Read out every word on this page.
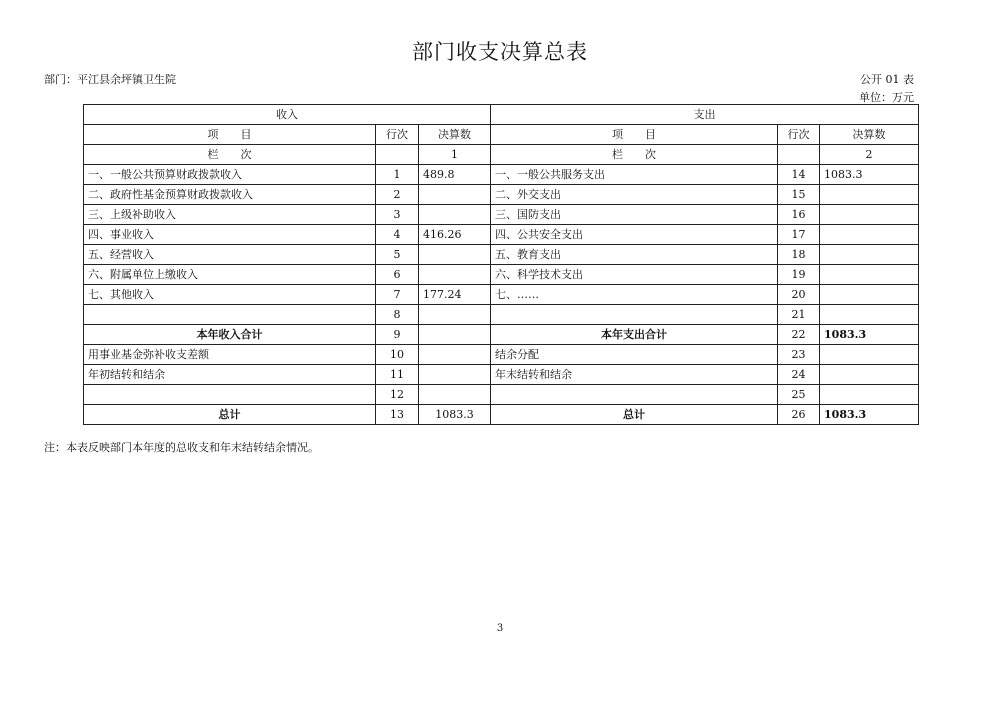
部门收支决算总表
部门：平江县余坪镇卫生院	公开 01 表
单位：万元
收入			支出		
项　　目	行次	决算数	项　　目	行次	决算数
栏　　次		1	栏　　次		2
一、一般公共预算财政拨款收入	1	489.8	一、一般公共服务支出	14	1083.3
二、政府性基金预算财政拨款收入	2		二、外交支出	15	
三、上级补助收入	3		三、国防支出	16	
四、事业收入	4	416.26	四、公共安全支出	17	
五、经营收入	5		五、教育支出	18	
六、附属单位上缴收入	6		六、科学技术支出	19	
七、其他收入	7	177.24	七、……	20	
	8			21	
本年收入合计	9		本年支出合计	22	1083.3
用事业基金弥补收支差额	10		结余分配	23	
年初结转和结余	11		年末结转和结余	24	
	12			25	
总计	13	1083.3	总计	26	1083.3
注：本表反映部门本年度的总收支和年末结转结余情况。
3
